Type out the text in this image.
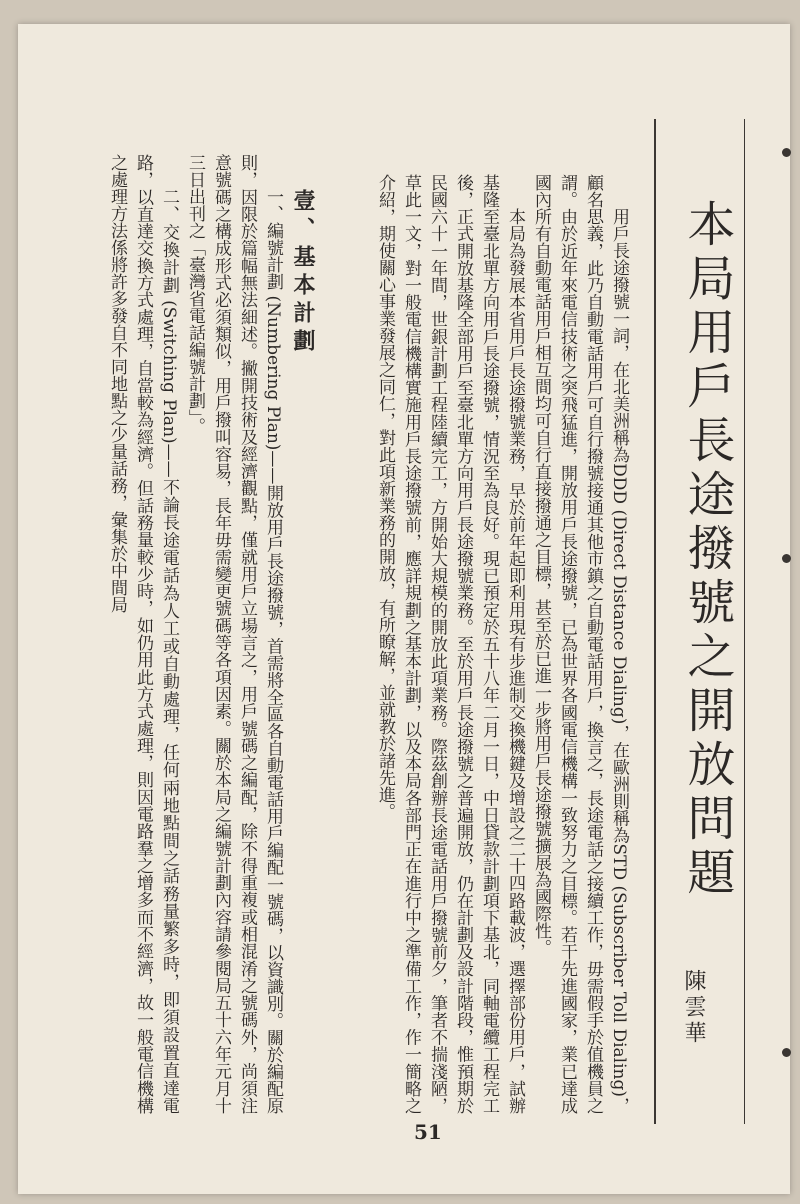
本局用戶長途撥號之開放問題
陳雲華

用戶長途撥號一詞，在北美洲稱為DDD (Direct Distance Dialing)，在歐洲則稱為STD (Subscriber Toll Dialing)，顧名思義，此乃自動電話用戶可自行撥號接通其他市鎮之自動電話用戶，換言之，長途電話之接續工作，毋需假手於值機員之謂。由於近年來電信技術之突飛猛進，開放用戶長途撥號，已為世界各國電信機構一致努力之目標。若干先進國家，業已達成國內所有自動電話用戶相互間均可自行直接撥通之目標，甚至於已進一步將用戶長途撥號擴展為國際性。

本局為發展本省用戶長途撥號業務，早於前年起即利用現有步進制交換機鍵及增設之二十四路載波，選擇部份用戶，試辦基隆至臺北單方向用戶長途撥號，情況至為良好。現已預定於五十八年二月一日，中日貸款計劃項下基北，同軸電纜工程完工後，正式開放基隆全部用戶至臺北單方向用戶長途撥號業務。至於用戶長途撥號之普遍開放，仍在計劃及設計階段，惟預期於民國六十一年間，世銀計劃工程陸續完工，方開始大規模的開放此項業務。際茲創辦長途電話用戶撥號前夕，筆者不揣淺陋，草此一文，對一般電信機構實施用戶長途撥號前，應詳規劃之基本計劃，以及本局各部門正在進行中之準備工作，作一簡略之介紹，期使關心事業發展之同仁，對此項新業務的開放，有所瞭解，並就教於諸先進。

壹、基本計劃

一、編號計劃 (Numbering Plan)——開放用戶長途撥號，首需將全區各自動電話用戶編配一號碼，以資識別。關於編配原則，因限於篇幅無法細述。撇開技術及經濟觀點，僅就用戶立場言之，用戶號碼之編配，除不得重複或相混淆之號碼外，尚須注意號碼之構成形式必須類似，用戶撥叫容易，長年毋需變更號碼等各項因素。關於本局之編號計劃內容請參閱局五十六年元月十三日出刊之「臺灣省電話編號計劃」。

二、交換計劃 (Switching Plan)——不論長途電話為人工或自動處理，任何兩地點間之話務量繁多時，即須設置直達電路，以直達交換方式處理，自當較為經濟。但話務量較少時，如仍用此方式處理，則因電路羣之增多而不經濟，故一般電信機構之處理方法係將許多發自不同地點之少量話務，彙集於中間局

51
